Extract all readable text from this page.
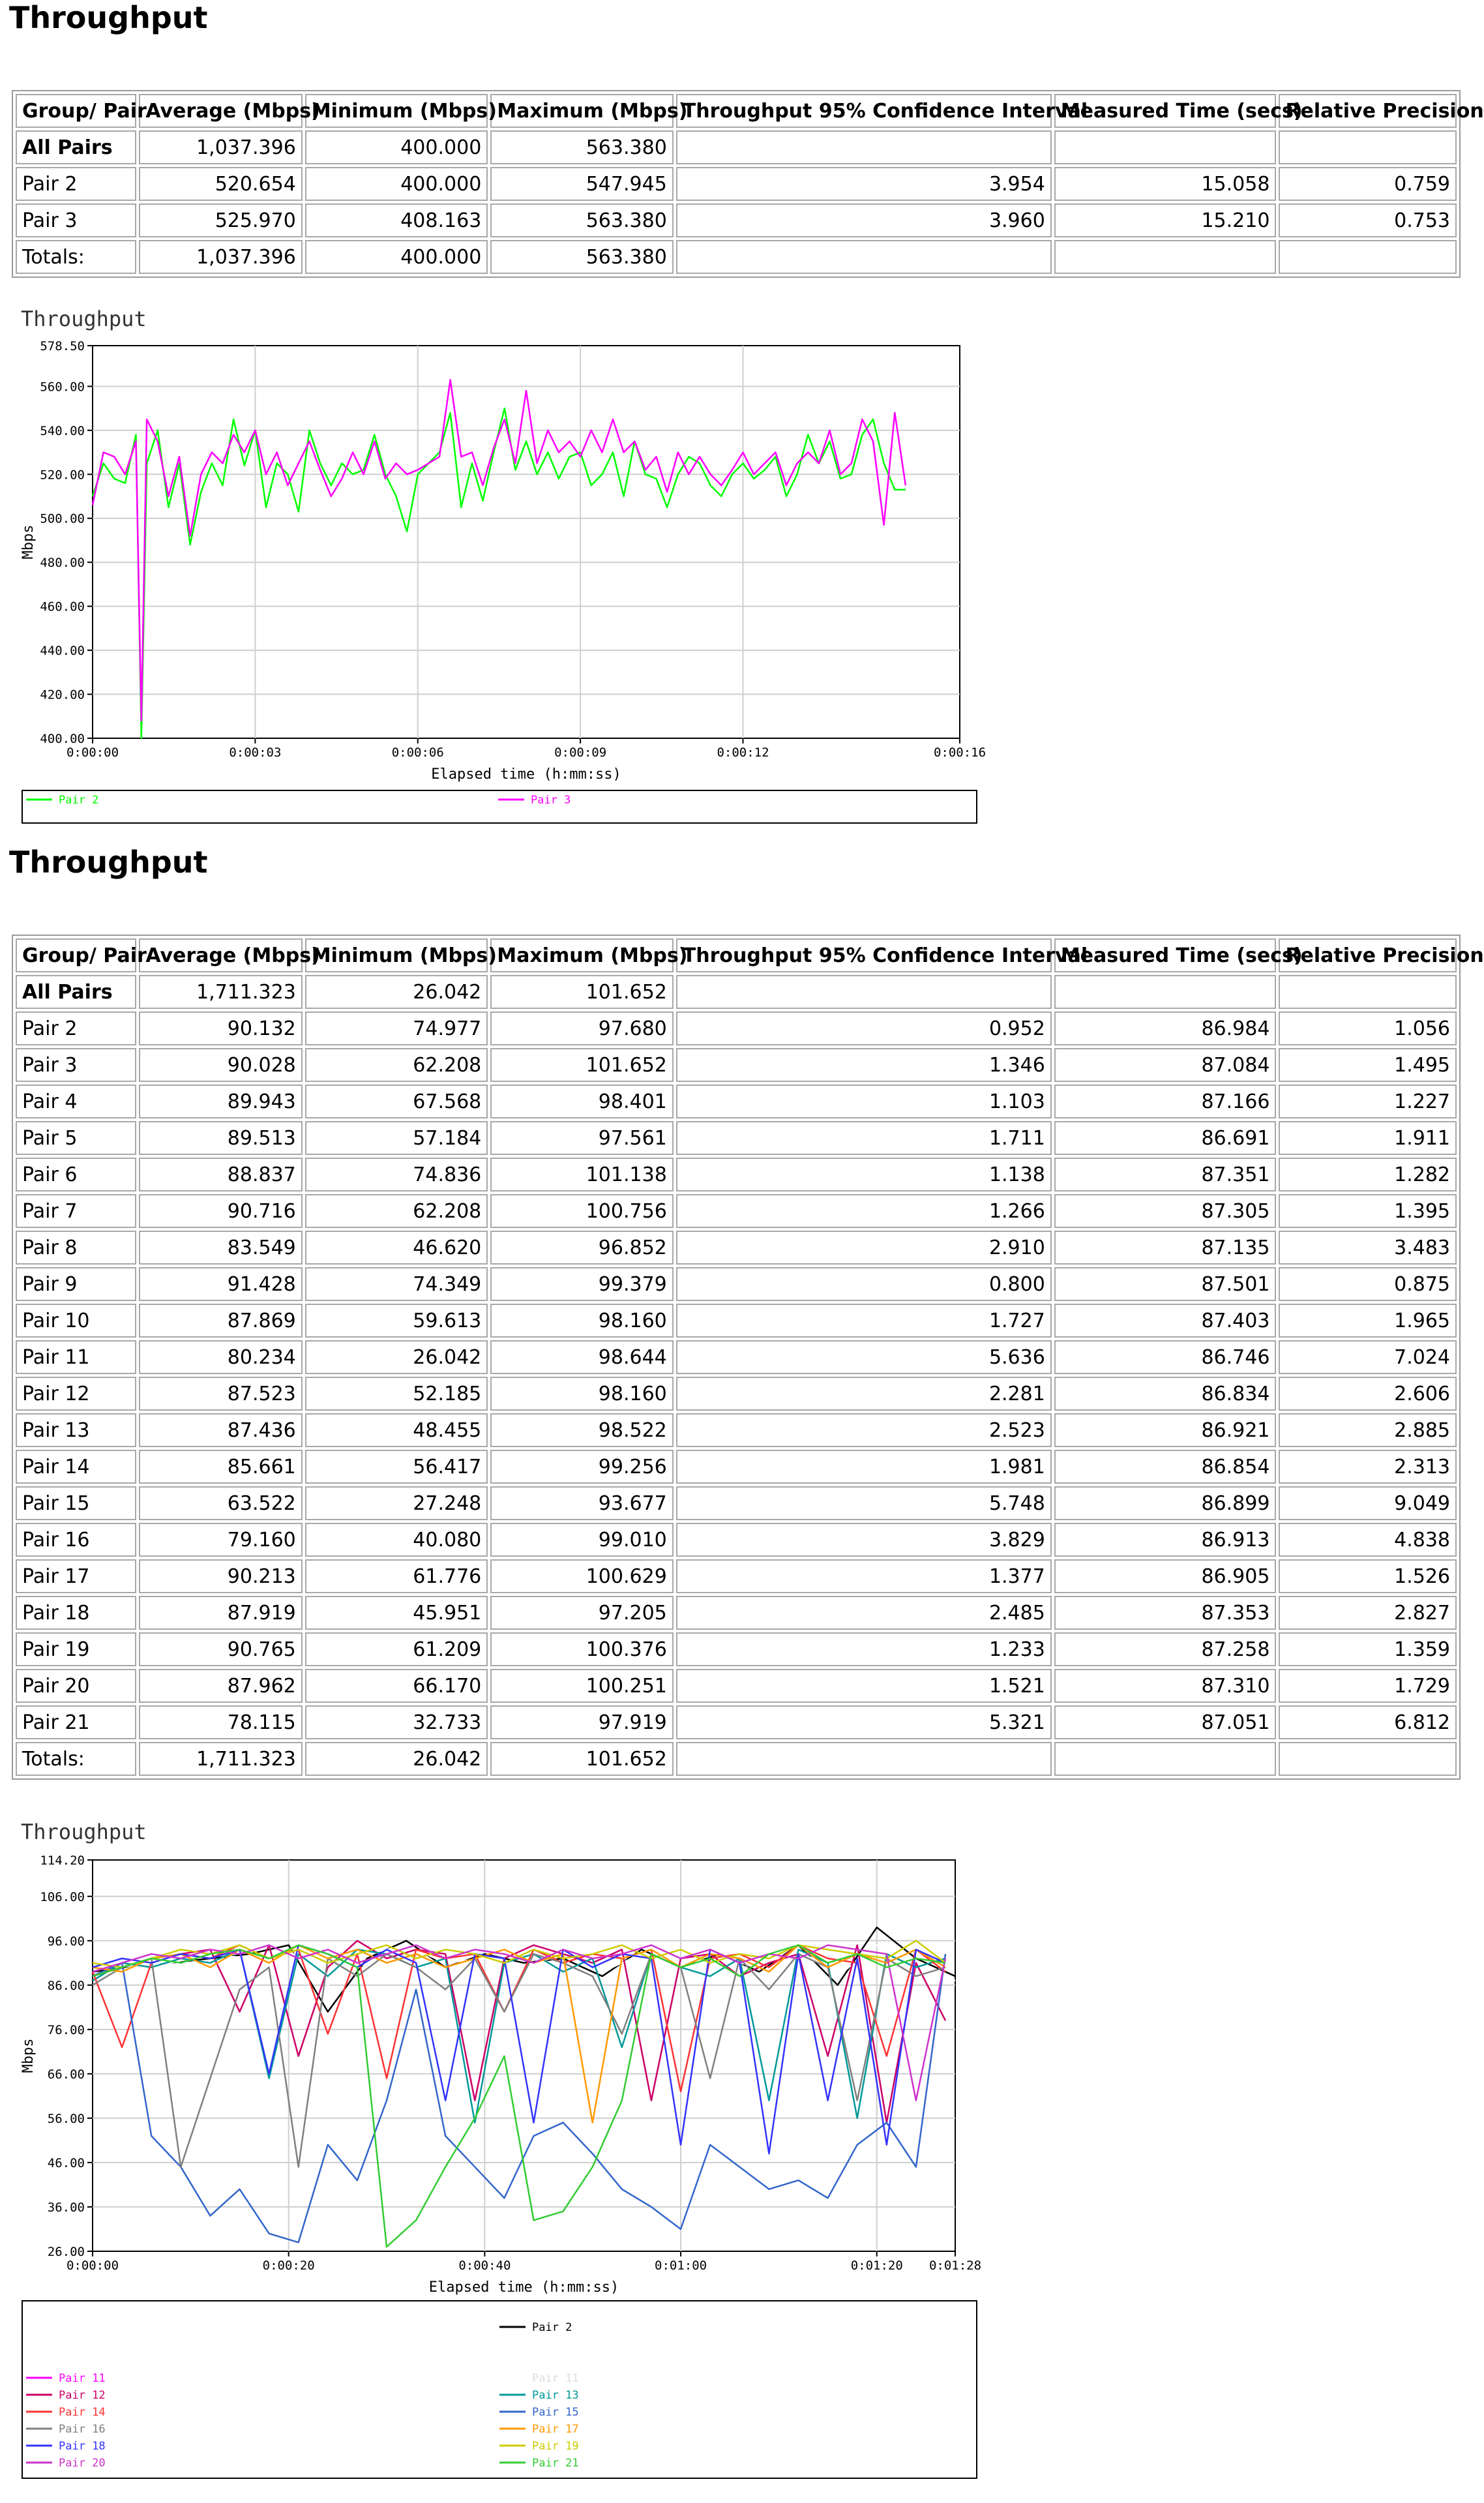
Throughput
Group/ Pair	Average (Mbps)	Minimum (Mbps)	Maximum (Mbps)	Throughput 95% Confidence Interval	Measured Time (secs)	Relative Precision
All Pairs	1,037.396	400.000	563.380			
Pair 2	520.654	400.000	547.945	3.954	15.058	0.759
Pair 3	525.970	408.163	563.380	3.960	15.210	0.753
Totals:	1,037.396	400.000	563.380			
Throughput
0:00:00	0:00:03	0:00:06	0:00:09	0:00:12	0:00:16
400.00
420.00
440.00
460.00
480.00
500.00
520.00
540.00
560.00
578.50
Elapsed time (h:mm:ss)
Mbps
Pair 2	Pair 3
Throughput
Group/ Pair	Average (Mbps)	Minimum (Mbps)	Maximum (Mbps)	Throughput 95% Confidence Interval	Measured Time (secs)	Relative Precision
All Pairs	1,711.323	26.042	101.652			
Pair 2	90.132	74.977	97.680	0.952	86.984	1.056
Pair 3	90.028	62.208	101.652	1.346	87.084	1.495
Pair 4	89.943	67.568	98.401	1.103	87.166	1.227
Pair 5	89.513	57.184	97.561	1.711	86.691	1.911
Pair 6	88.837	74.836	101.138	1.138	87.351	1.282
Pair 7	90.716	62.208	100.756	1.266	87.305	1.395
Pair 8	83.549	46.620	96.852	2.910	87.135	3.483
Pair 9	91.428	74.349	99.379	0.800	87.501	0.875
Pair 10	87.869	59.613	98.160	1.727	87.403	1.965
Pair 11	80.234	26.042	98.644	5.636	86.746	7.024
Pair 12	87.523	52.185	98.160	2.281	86.834	2.606
Pair 13	87.436	48.455	98.522	2.523	86.921	2.885
Pair 14	85.661	56.417	99.256	1.981	86.854	2.313
Pair 15	63.522	27.248	93.677	5.748	86.899	9.049
Pair 16	79.160	40.080	99.010	3.829	86.913	4.838
Pair 17	90.213	61.776	100.629	1.377	86.905	1.526
Pair 18	87.919	45.951	97.205	2.485	87.353	2.827
Pair 19	90.765	61.209	100.376	1.233	87.258	1.359
Pair 20	87.962	66.170	100.251	1.521	87.310	1.729
Pair 21	78.115	32.733	97.919	5.321	87.051	6.812
Totals:	1,711.323	26.042	101.652			
Throughput
0:00:00	0:00:20	0:00:40	0:01:00	0:01:20 0:01:28
26.00
36.00
46.00
56.00
66.00
76.00
86.00
96.00
106.00
114.20
Elapsed time (h:mm:ss)
Mbps
Pair 2
Pair 11	Pair 11
Pair 12	Pair 13
Pair 14	Pair 15
Pair 16	Pair 17
Pair 18	Pair 19
Pair 20	Pair 21
